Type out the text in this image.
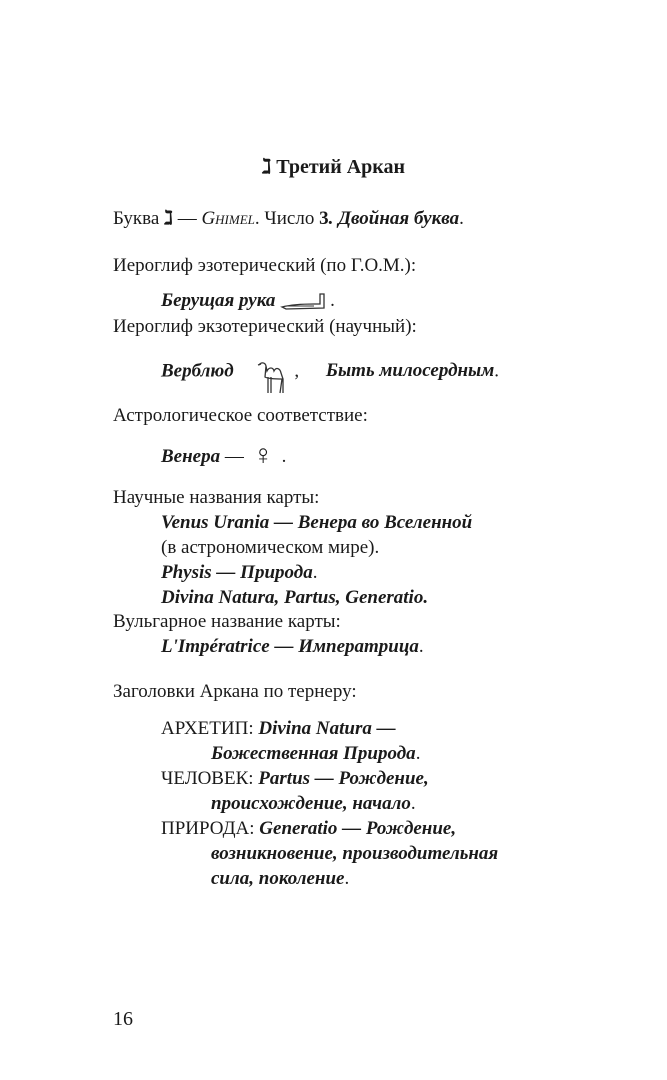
ℷ Третий Аркан
Буква ℷ — Ghimel. Число 3. Двойная буква.
Иероглиф эзотерический (по Г.О.М.):
Берущая рука	.
Иероглиф экзотерический (научный):
Верблюд	, Быть милосердным.
Астрологическое соответствие:
Венера — ♀ .
Научные названия карты:
Venus Urania — Венера во Вселенной
(в астрономическом мире).
Physis — Природа.
Divina Natura, Partus, Generatio.
Вульгарное название карты:
L'Impératrice — Императрица.
Заголовки Аркана по тернеру:
АРХЕТИП: Divina Natura —
Божественная Природа.
ЧЕЛОВЕК: Partus — Рождение,
происхождение, начало.
ПРИРОДА: Generatio — Рождение,
возникновение, производительная
сила, поколение.
16
